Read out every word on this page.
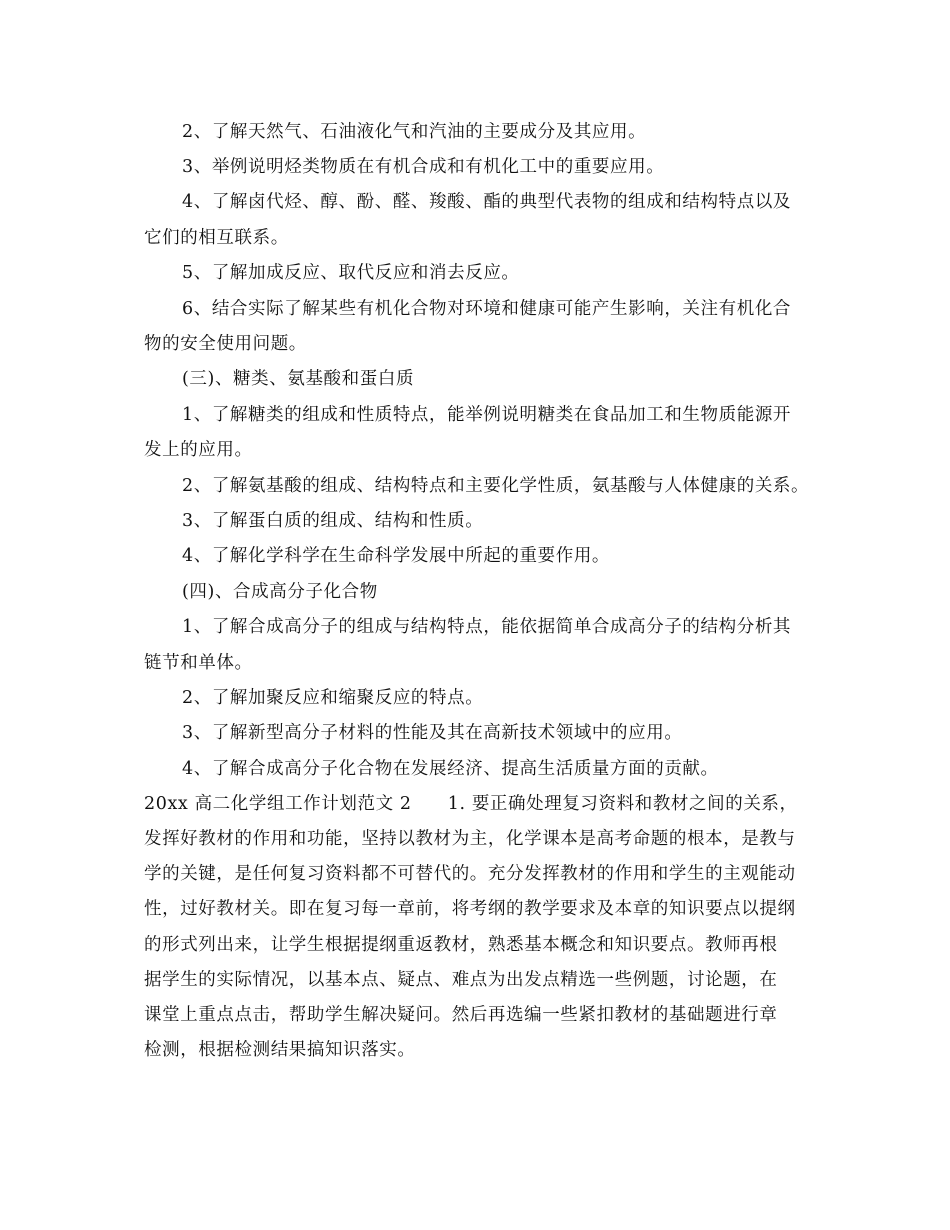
2、了解天然气、石油液化气和汽油的主要成分及其应用。
3、举例说明烃类物质在有机合成和有机化工中的重要应用。
4、了解卤代烃、醇、酚、醛、羧酸、酯的典型代表物的组成和结构特点以及
它们的相互联系。
5、了解加成反应、取代反应和消去反应。
6、结合实际了解某些有机化合物对环境和健康可能产生影响，关注有机化合
物的安全使用问题。
(三)、糖类、氨基酸和蛋白质
1、了解糖类的组成和性质特点，能举例说明糖类在食品加工和生物质能源开
发上的应用。
2、了解氨基酸的组成、结构特点和主要化学性质，氨基酸与人体健康的关系。
3、了解蛋白质的组成、结构和性质。
4、了解化学科学在生命科学发展中所起的重要作用。
(四)、合成高分子化合物
1、了解合成高分子的组成与结构特点，能依据简单合成高分子的结构分析其
链节和单体。
2、了解加聚反应和缩聚反应的特点。
3、了解新型高分子材料的性能及其在高新技术领域中的应用。
4、了解合成高分子化合物在发展经济、提高生活质量方面的贡献。
20xx 高二化学组工作计划范文 2　　1. 要正确处理复习资料和教材之间的关系，
发挥好教材的作用和功能，坚持以教材为主，化学课本是高考命题的根本，是教与
学的关键，是任何复习资料都不可替代的。充分发挥教材的作用和学生的主观能动
性，过好教材关。即在复习每一章前，将考纲的教学要求及本章的知识要点以提纲
的形式列出来，让学生根据提纲重返教材，熟悉基本概念和知识要点。教师再根
据学生的实际情况，以基本点、疑点、难点为出发点精选一些例题，讨论题，在
课堂上重点点击，帮助学生解决疑问。然后再选编一些紧扣教材的基础题进行章
检测，根据检测结果搞知识落实。
